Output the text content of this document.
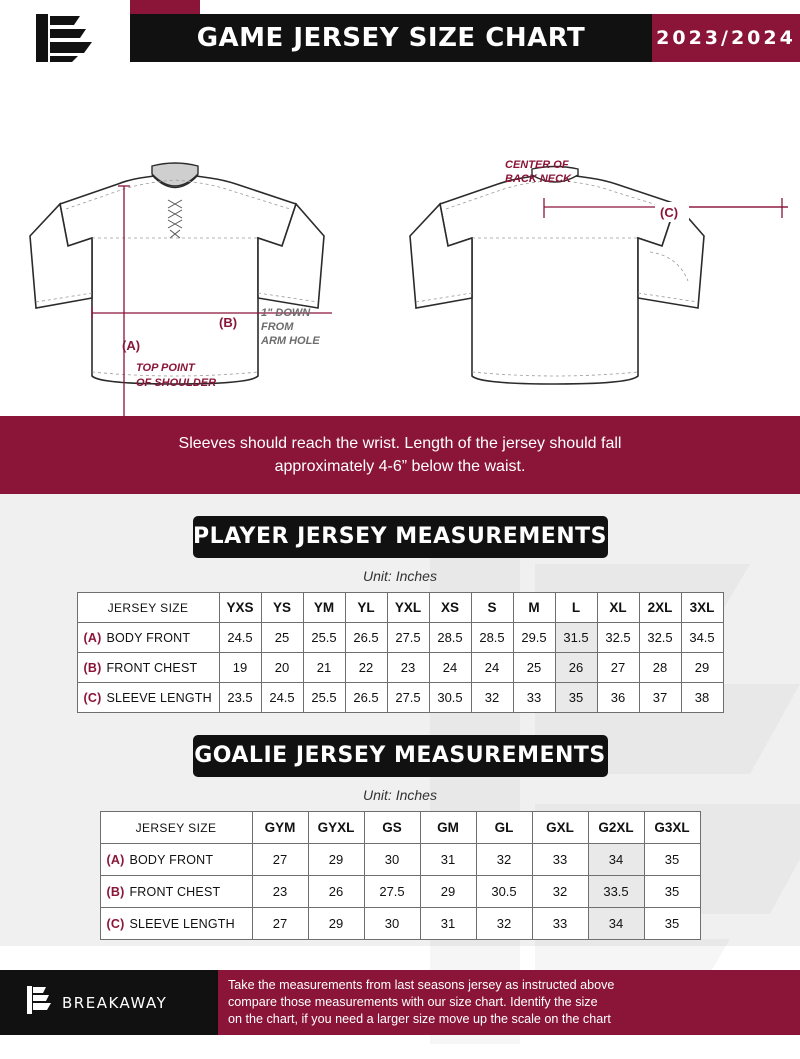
GAME JERSEY SIZE CHART	2023/2024
(A)
TOP POINT
OF SHOULDER
(B)
1" DOWN
FROM
ARM HOLE
(C)
CENTER OF
BACK NECK
Sleeves should reach the wrist. Length of the jersey should fall
approximately 4-6” below the waist.
PLAYER JERSEY MEASUREMENTS
Unit: Inches
JERSEY SIZE	YXS	YS	YM	YL	YXL	XS	S	M	L	XL	2XL	3XL
(A) BODY FRONT	24.5	25	25.5	26.5	27.5	28.5	28.5	29.5	31.5	32.5	32.5	34.5
(B) FRONT CHEST	19	20	21	22	23	24	24	25	26	27	28	29
(C) SLEEVE LENGTH	23.5	24.5	25.5	26.5	27.5	30.5	32	33	35	36	37	38
GOALIE JERSEY MEASUREMENTS
Unit: Inches
JERSEY SIZE	GYM	GYXL	GS	GM	GL	GXL	G2XL	G3XL
(A) BODY FRONT	27	29	30	31	32	33	34	35
(B) FRONT CHEST	23	26	27.5	29	30.5	32	33.5	35
(C) SLEEVE LENGTH	27	29	30	31	32	33	34	35
BREAKAWAY
Take the measurements from last seasons jersey as instructed above
compare those measurements with our size chart. Identify the size
on the chart, if you need a larger size move up the scale on the chart
